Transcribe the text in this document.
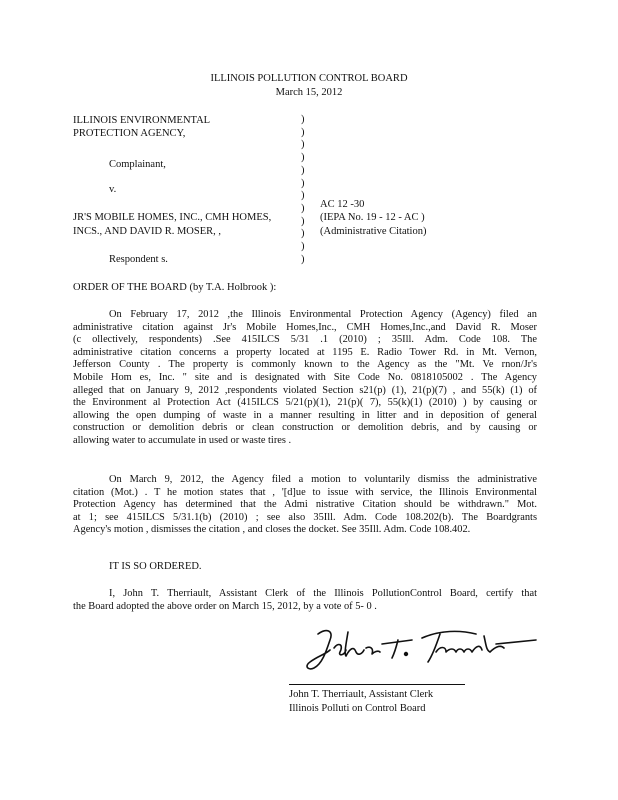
ILLINOIS POLLUTION CONTROL BOARD
March 15, 2012
ILLINOIS ENVIRONMENTAL
PROTECTION AGENCY,
Complainant,
v.
JR'S MOBILE HOMES, INC., CMH HOMES,
INCS., AND DAVID R. MOSER, ,
Respondent s.
)
)
)
)
)
)
)
)
)
)
)
)
AC 12 -30
(IEPA No. 19 - 12 - AC )
(Administrative Citation)
ORDER OF THE BOARD (by T.A. Holbrook ):
On February 17, 2012 ,the Illinois Environmental Protection Agency (Agency) filed an
administrative citation against Jr's Mobile Homes,Inc., CMH Homes,Inc.,and David R. Moser
(c ollectively, respondents) .See 415ILCS 5/31 .1 (2010) ; 35Ill. Adm. Code 108. The
administrative citation concerns a property located at 1195 E. Radio Tower Rd. in Mt. Vernon,
Jefferson County . The property is commonly known to the Agency as the "Mt. Ve rnon/Jr's
Mobile Hom es, Inc. " site and is designated with Site Code No. 0818105002 . The Agency
alleged that on January 9, 2012 ,respondents violated Section s21(p) (1), 21(p)(7) , and 55(k) (1) of
the Environment al Protection Act (415ILCS 5/21(p)(1), 21(p)( 7), 55(k)(1) (2010) ) by causing or
allowing the open dumping of waste in a manner resulting in litter and in deposition of general
construction or demolition debris or clean construction or demolition debris, and by causing or
allowing water to accumulate in used or waste tires .
On March 9, 2012, the Agency filed a motion to voluntarily dismiss the administrative
citation (Mot.) . T he motion states that , '[d]ue to issue with service, the Illinois Environmental
Protection Agency has determined that the Admi nistrative Citation should be withdrawn." Mot.
at 1; see 415ILCS 5/31.1(b) (2010) ; see also 35Ill. Adm. Code 108.202(b). The Boardgrants
Agency's motion , dismisses the citation , and closes the docket. See 35Ill. Adm. Code 108.402.
IT IS SO ORDERED.
I, John T. Therriault, Assistant Clerk of the Illinois PollutionControl Board, certify that
the Board adopted the above order on March 15, 2012, by a vote of 5- 0 .
John T. Therriault, Assistant Clerk
Illinois Polluti on Control Board
